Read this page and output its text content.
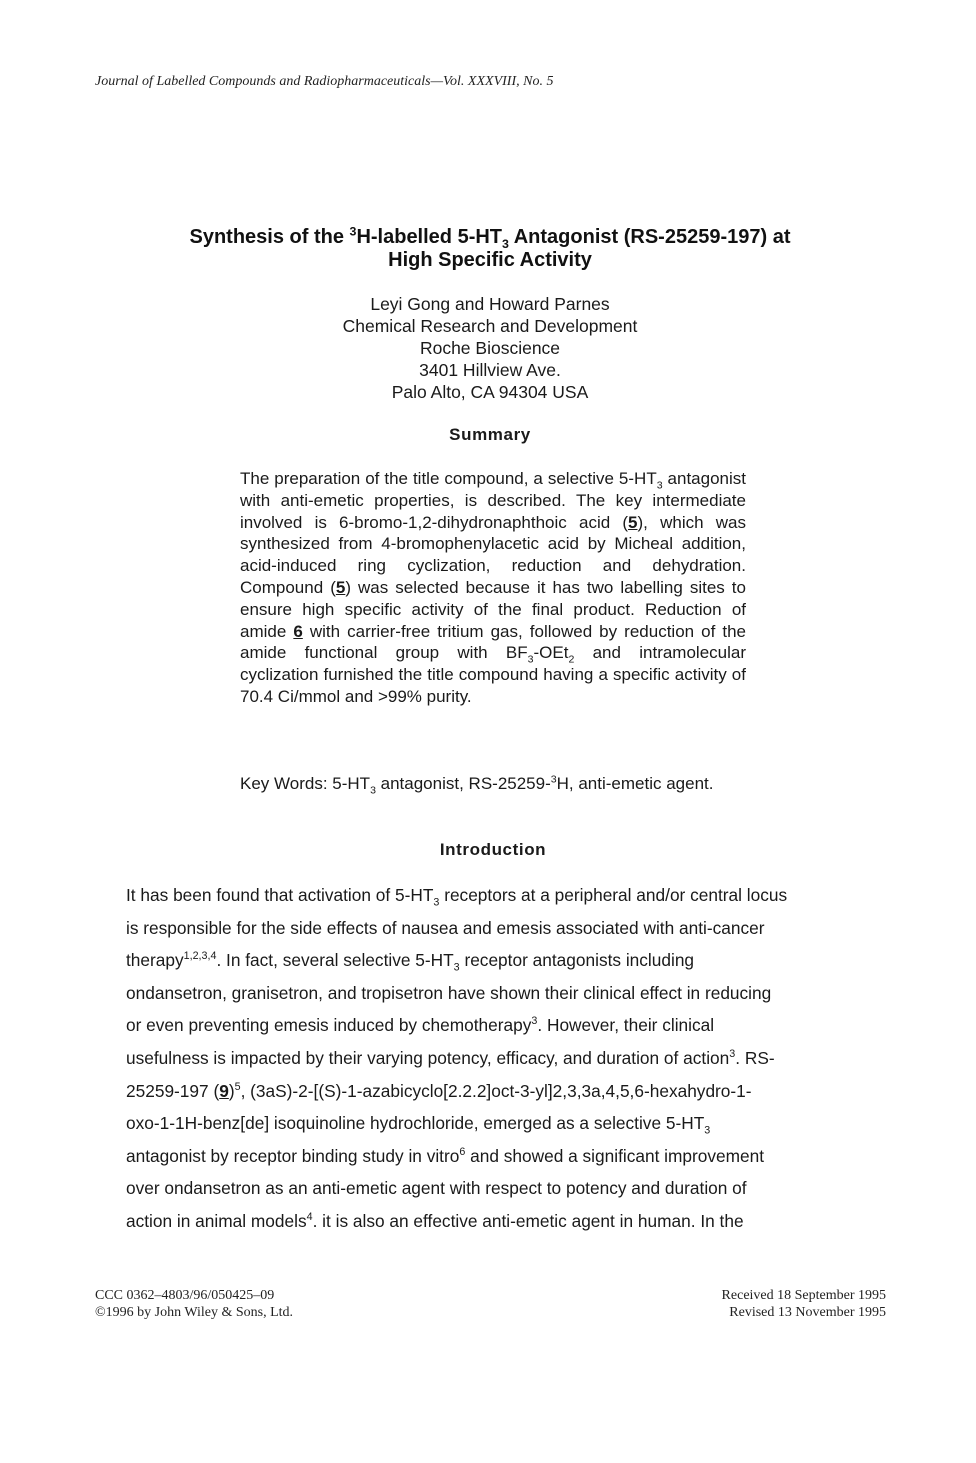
Journal of Labelled Compounds and Radiopharmaceuticals—Vol. XXXVIII, No. 5
Synthesis of the $^3$H-labelled $5-HT_3$ Antagonist (RS-25259-197) at
High Specific Activity
Leyi Gong and Howard Parnes
Chemical Research and Development
Roche Bioscience
3401 Hillview Ave.
Palo Alto, CA 94304 USA
Summary
The preparation of the title compound, a selective $5-HT_3$ antagonist with anti-emetic properties, is described. The key intermediate involved is 6-bromo-1,2-dihydronaphthoic acid (5), which was synthesized from 4-bromophenylacetic acid by Micheal addition, acid-induced ring cyclization, reduction and dehydration. Compound (5) was selected because it has two labelling sites to ensure high specific activity of the final product. Reduction of amide 6 with carrier-free tritium gas, followed by reduction of the amide functional group with $BF_3-OEt_2$ and intramolecular cyclization furnished the title compound having a specific activity of 70.4 Ci/mmol and >99% purity.
Key Words: $5-HT_3$ antagonist, RS-25259-$^3$H, anti-emetic agent.
Introduction
It has been found that activation of $5-HT_3$ receptors at a peripheral and/or central locus
is responsible for the side effects of nausea and emesis associated with anti-cancer
therapy$^{1,2,3,4}$. In fact, several selective $5-HT_3$ receptor antagonists including
ondansetron, granisetron, and tropisetron have shown their clinical effect in reducing
or even preventing emesis induced by chemotherapy$^3$. However, their clinical
usefulness is impacted by their varying potency, efficacy, and duration of action$^3$. RS-
25259-197 $(9)^5$, (3aS)-2-[(S)-1-azabicyclo[2.2.2]oct-3-yl]2,3,3a,4,5,6-hexahydro-1-
oxo-1-1H-benz[de] isoquinoline hydrochloride, emerged as a selective $5-HT_3$
antagonist by receptor binding study in vitro$^6$ and showed a significant improvement
over ondansetron as an anti-emetic agent with respect to potency and duration of
action in animal models$^4$. it is also an effective anti-emetic agent in human. In the
CCC 0362–4803/96/050425–09
©1996 by John Wiley & Sons, Ltd.
Received 18 September 1995
Revised 13 November 1995
